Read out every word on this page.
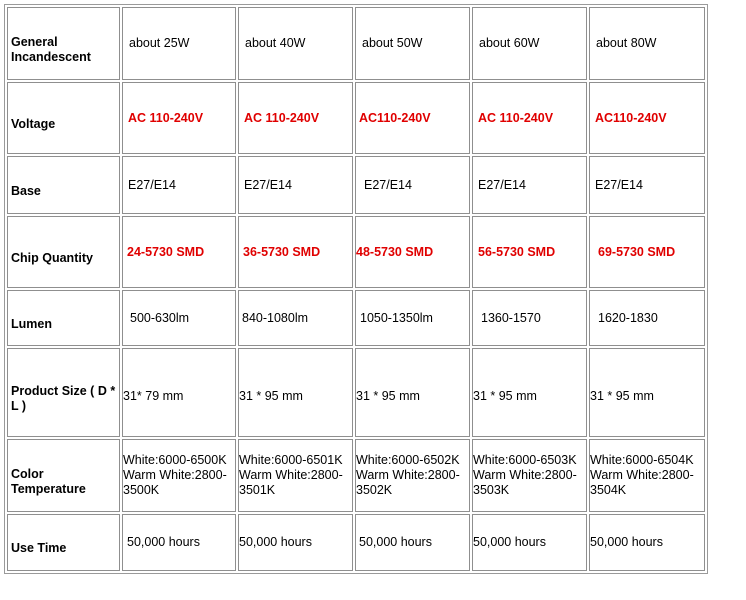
General Incandescent	about 25W	about 40W	about 50W	about 60W	about 80W
Voltage	AC 110-240V	AC 110-240V	AC110-240V	AC 110-240V	AC110-240V
Base	E27/E14	E27/E14	E27/E14	E27/E14	E27/E14
Chip Quantity	24-5730 SMD	36-5730 SMD	48-5730 SMD	56-5730 SMD	69-5730 SMD
Lumen	500-630lm	840-1080lm	1050-1350lm	1360-1570	1620-1830
Product Size ( D * L )	31* 79 mm	31 * 95 mm	31 * 95 mm	31 * 95 mm	31 * 95 mm
Color Temperature	White:6000-6500K Warm White:2800-3500K	White:6000-6501K Warm White:2800-3501K	White:6000-6502K Warm White:2800-3502K	White:6000-6503K Warm White:2800-3503K	White:6000-6504K Warm White:2800-3504K
Use Time	50,000 hours	50,000 hours	50,000 hours	50,000 hours	50,000 hours
